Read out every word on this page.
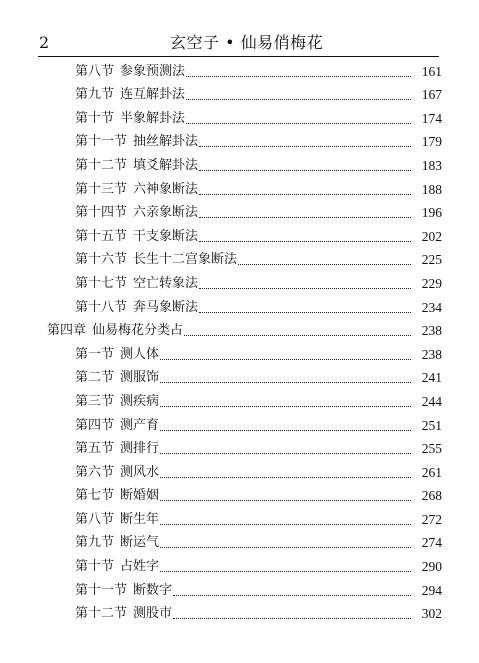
2	玄空子 • 仙易俏梅花
第八节 参象预测法	161
第九节 连互解卦法	167
第十节 半象解卦法	174
第十一节 抽丝解卦法	179
第十二节 填爻解卦法	183
第十三节 六神象断法	188
第十四节 六亲象断法	196
第十五节 干支象断法	202
第十六节 长生十二宫象断法	225
第十七节 空亡转象法	229
第十八节 奔马象断法	234
第四章 仙易梅花分类占	238
第一节 测人体	238
第二节 测服饰	241
第三节 测疾病	244
第四节 测产育	251
第五节 测排行	255
第六节 测风水	261
第七节 断婚姻	268
第八节 断生年	272
第九节 断运气	274
第十节 占姓字	290
第十一节 断数字	294
第十二节 测股市	302
